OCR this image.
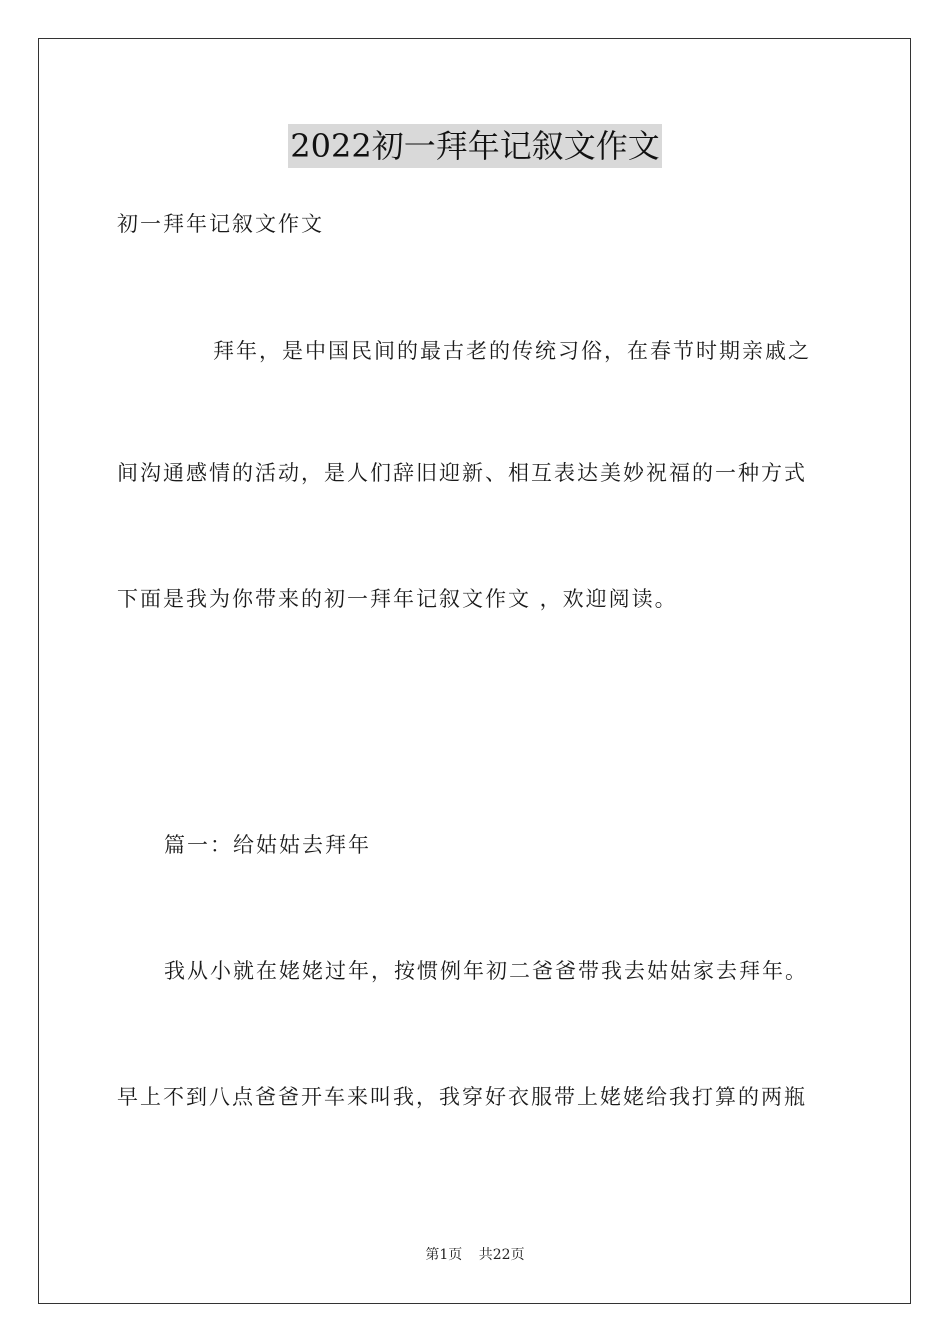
2022初一拜年记叙文作文
初一拜年记叙文作文
拜年，是中国民间的最古老的传统习俗，在春节时期亲戚之
间沟通感情的活动，是人们辞旧迎新、相互表达美妙祝福的一种方式
下面是我为你带来的初一拜年记叙文作文 ，欢迎阅读。
篇一：给姑姑去拜年
我从小就在姥姥过年，按惯例年初二爸爸带我去姑姑家去拜年。
早上不到八点爸爸开车来叫我，我穿好衣服带上姥姥给我打算的两瓶
第1页 共22页
